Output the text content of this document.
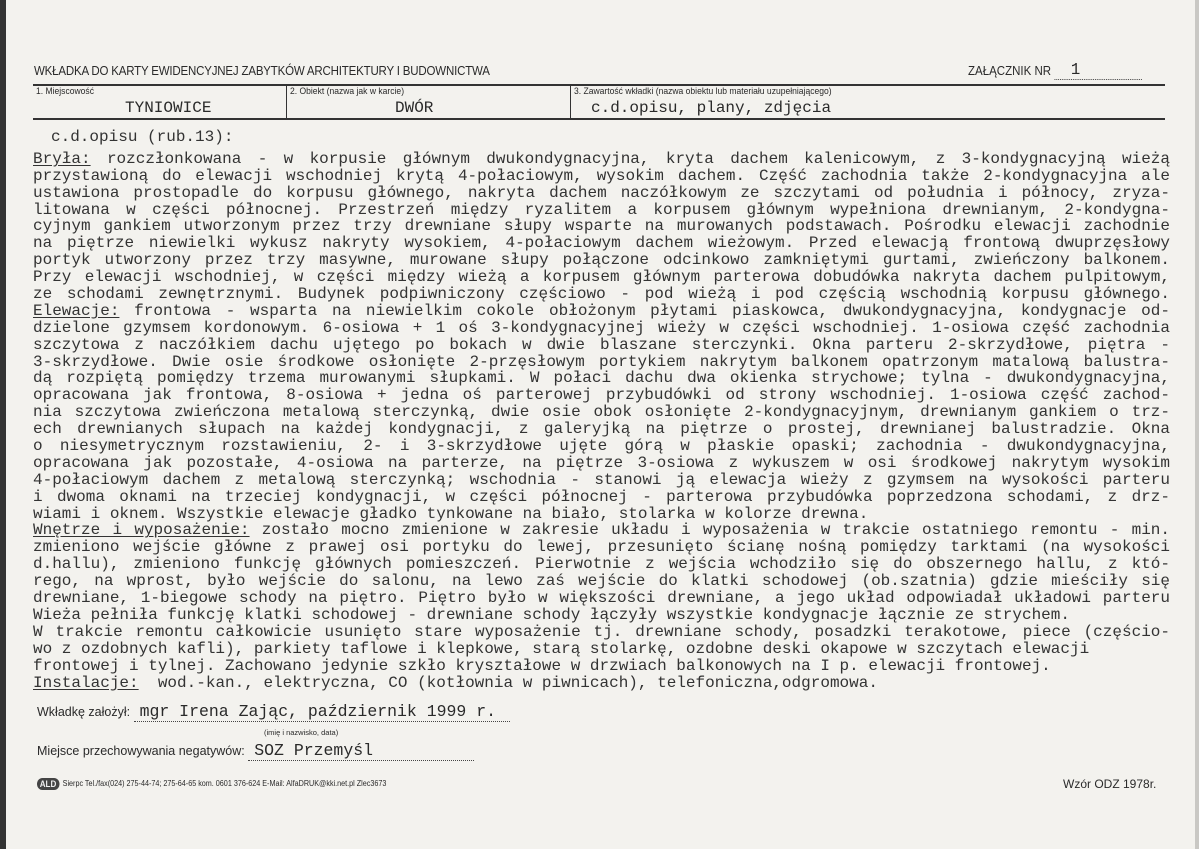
WKŁADKA DO KARTY EWIDENCYJNEJ ZABYTKÓW ARCHITEKTURY I BUDOWNICTWA	ZAŁĄCZNIK NR 1
1. Miejscowość
TYNIOWICE
2. Obiekt (nazwa jak w karcie)
DWÓR
3. Zawartość wkładki (nazwa obiektu lub materiału uzupełniającego)
c.d.opisu, plany, zdjęcia
c.d.opisu (rub.13):
Bryła: rozczłonkowana - w korpusie głównym dwukondygnacyjna, kryta dachem kalenicowym, z 3-kondygnacyjną wieżą
przystawioną do elewacji wschodniej krytą 4-połaciowym, wysokim dachem. Część zachodnia także 2-kondygnacyjna ale
ustawiona prostopadle do korpusu głównego, nakryta dachem naczółkowym ze szczytami od południa i północy, zryza-
litowana w części północnej. Przestrzeń między ryzalitem a korpusem głównym wypełniona drewnianym, 2-kondygna-
cyjnym gankiem utworzonym przez trzy drewniane słupy wsparte na murowanych podstawach. Pośrodku elewacji zachodnie
na piętrze niewielki wykusz nakryty wysokiem, 4-połaciowym dachem wieżowym. Przed elewacją frontową dwuprzęsłowy
portyk utworzony przez trzy masywne, murowane słupy połączone odcinkowo zamkniętymi gurtami, zwieńczony balkonem.
Przy elewacji wschodniej, w części między wieżą a korpusem głównym parterowa dobudówka nakryta dachem pulpitowym,
ze schodami zewnętrznymi. Budynek podpiwniczony częściowo - pod wieżą i pod częścią wschodnią korpusu głównego.
Elewacje: frontowa - wsparta na niewielkim cokole obłożonym płytami piaskowca, dwukondygnacyjna, kondygnacje od-
dzielone gzymsem kordonowym. 6-osiowa + 1 oś 3-kondygnacyjnej wieży w części wschodniej. 1-osiowa część zachodnia
szczytowa z naczółkiem dachu ujętego po bokach w dwie blaszane sterczynki. Okna parteru 2-skrzydłowe, piętra -
3-skrzydłowe. Dwie osie środkowe osłonięte 2-przęsłowym portykiem nakrytym balkonem opatrzonym matalową balustra-
dą rozpiętą pomiędzy trzema murowanymi słupkami. W połaci dachu dwa okienka strychowe; tylna - dwukondygnacyjna,
opracowana jak frontowa, 8-osiowa + jedna oś parterowej przybudówki od strony wschodniej. 1-osiowa część zachod-
nia szczytowa zwieńczona metalową sterczynką, dwie osie obok osłonięte 2-kondygnacyjnym, drewnianym gankiem o trz-
ech drewnianych słupach na każdej kondygnacji, z galeryjką na piętrze o prostej, drewnianej balustradzie. Okna
o niesymetrycznym rozstawieniu, 2- i 3-skrzydłowe ujęte górą w płaskie opaski; zachodnia - dwukondygnacyjna,
opracowana jak pozostałe, 4-osiowa na parterze, na piętrze 3-osiowa z wykuszem w osi środkowej nakrytym wysokim
4-połaciowym dachem z metalową sterczynką; wschodnia - stanowi ją elewacja wieży z gzymsem na wysokości parteru
i dwoma oknami na trzeciej kondygnacji, w części północnej - parterowa przybudówka poprzedzona schodami, z drz-
wiami i oknem. Wszystkie elewacje gładko tynkowane na biało, stolarka w kolorze drewna.
Wnętrze i wyposażenie: zostało mocno zmienione w zakresie układu i wyposażenia w trakcie ostatniego remontu - min.
zmieniono wejście główne z prawej osi portyku do lewej, przesunięto ścianę nośną pomiędzy tarktami (na wysokości
d.hallu), zmieniono funkcję głównych pomieszczeń. Pierwotnie z wejścia wchodziło się do obszernego hallu, z któ-
rego, na wprost, było wejście do salonu, na lewo zaś wejście do klatki schodowej (ob.szatnia) gdzie mieściły się
drewniane, 1-biegowe schody na piętro. Piętro było w większości drewniane, a jego układ odpowiadał układowi parteru
Wieża pełniła funkcję klatki schodowej - drewniane schody łączyły wszystkie kondygnacje łącznie ze strychem.
W trakcie remontu całkowicie usunięto stare wyposażenie tj. drewniane schody, posadzki terakotowe, piece (częścio-
wo z ozdobnych kafli), parkiety taflowe i klepkowe, starą stolarkę, ozdobne deski okapowe w szczytach elewacji
frontowej i tylnej. Zachowano jedynie szkło kryształowe w drzwiach balkonowych na I p. elewacji frontowej.
Instalacje:  wod.-kan., elektryczna, CO (kotłownia w piwnicach), telefoniczna,odgromowa.
Wkładkę założył: mgr Irena Zając, październik 1999 r.
(imię i nazwisko, data)
Miejsce przechowywania negatywów: SOZ Przemyśl
ALD Sierpc Tel./fax(024) 275-44-74; 275-64-65 kom. 0601 376-624 E-Mail: AlfaDRUK@kki.net.pl Zlec3673	Wzór ODZ 1978r.
